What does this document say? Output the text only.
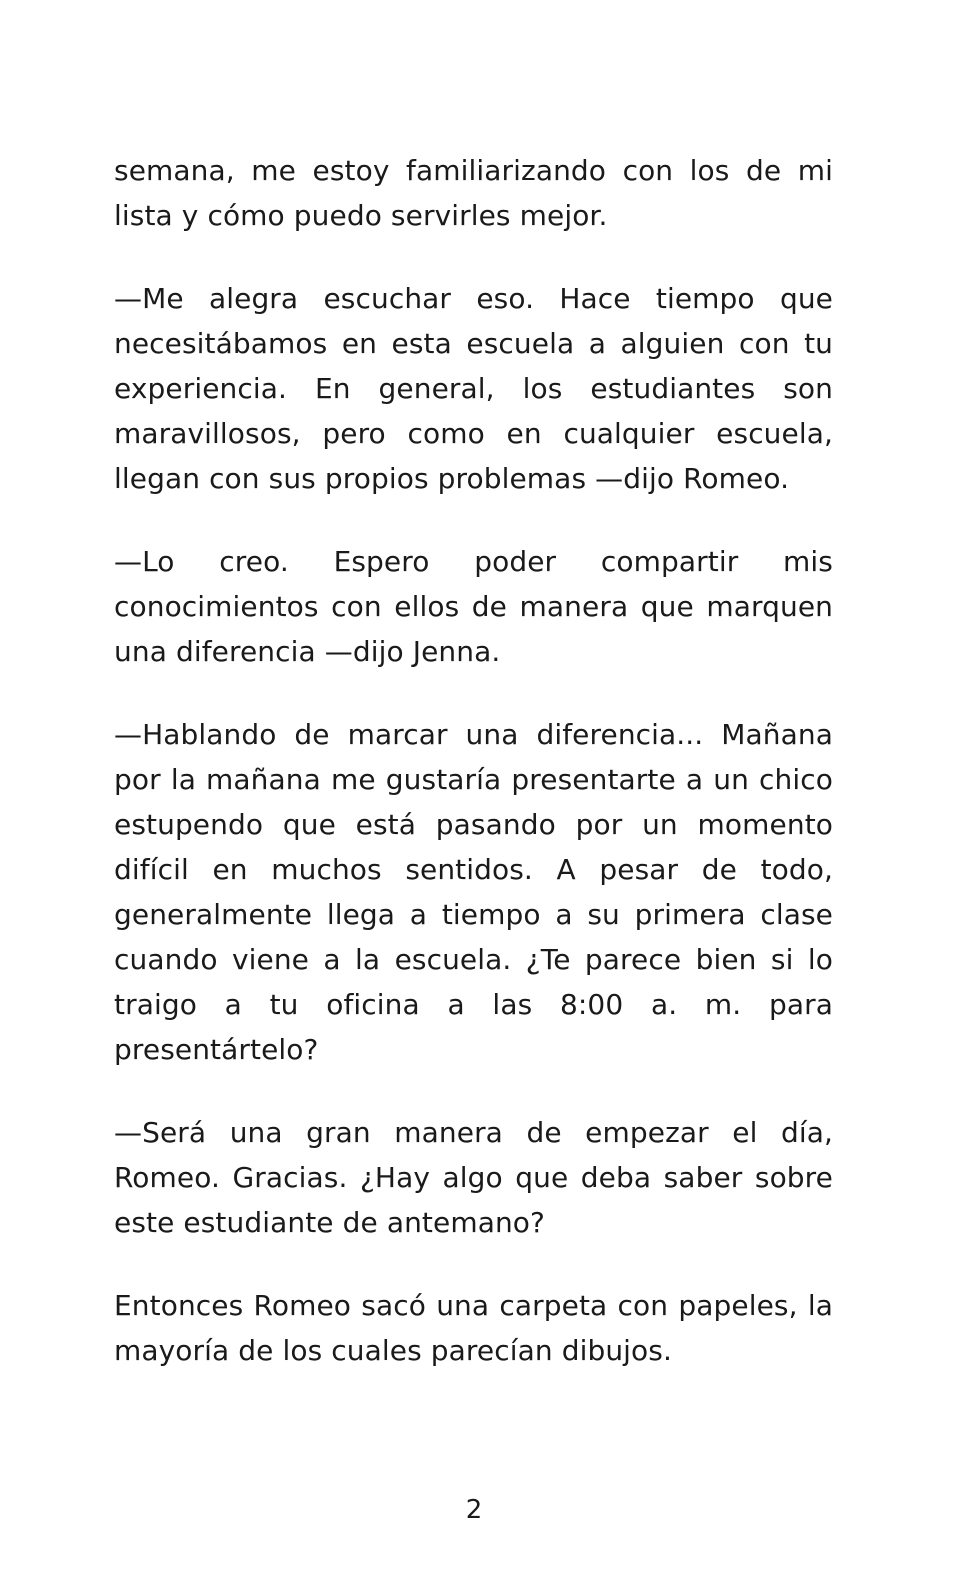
semana, me estoy familiarizando con los de mi lista y cómo puedo servirles mejor.

—Me alegra escuchar eso. Hace tiempo que necesitábamos en esta escuela a alguien con tu experiencia. En general, los estudiantes son maravillosos, pero como en cualquier escuela, llegan con sus propios problemas —dijo Romeo.

—Lo creo. Espero poder compartir mis conocimientos con ellos de manera que marquen una diferencia —dijo Jenna.

—Hablando de marcar una diferencia... Mañana por la mañana me gustaría presentarte a un chico estupendo que está pasando por un momento difícil en muchos sentidos. A pesar de todo, generalmente llega a tiempo a su primera clase cuando viene a la escuela. ¿Te parece bien si lo traigo a tu oficina a las 8:00 a. m. para presentártelo?

—Será una gran manera de empezar el día, Romeo. Gracias. ¿Hay algo que deba saber sobre este estudiante de antemano?

Entonces Romeo sacó una carpeta con papeles, la mayoría de los cuales parecían dibujos.

2
